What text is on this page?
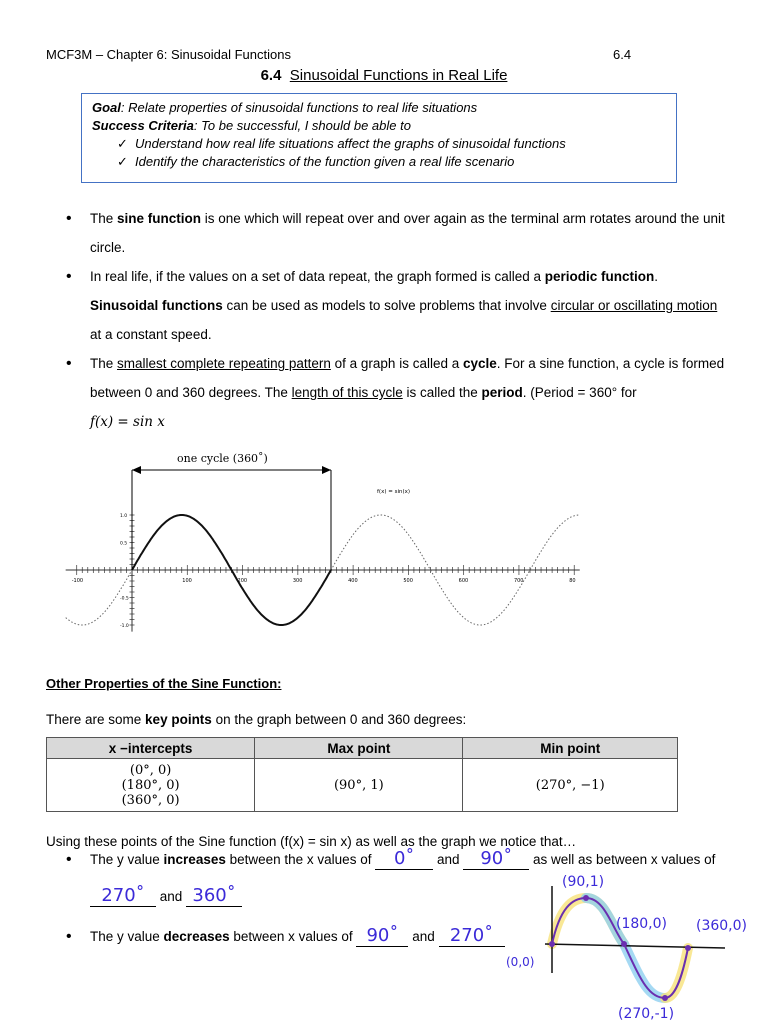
MCF3M – Chapter 6: Sinusoidal Functions	6.4
6.4 Sinusoidal Functions in Real Life
Goal: Relate properties of sinusoidal functions to real life situations
Success Criteria: To be successful, I should be able to
✓ Understand how real life situations affect the graphs of sinusoidal functions
✓ Identify the characteristics of the function given a real life scenario
• The sine function is one which will repeat over and over again as the terminal arm rotates around the unit circle.
• In real life, if the values on a set of data repeat, the graph formed is called a periodic function.
Sinusoidal functions can be used as models to solve problems that involve circular or oscillating motion at a constant speed.
• The smallest complete repeating pattern of a graph is called a cycle. For a sine function, a cycle is formed between 0 and 360 degrees. The length of this cycle is called the period. (Period = 360° for
f(x) = sin x
-100	100	200	300	400	500	600	700	80
1.0
0.5
-0.5
-1.0
one cycle (360˚)
f(x) = sin(x)
Other Properties of the Sine Function:
There are some key points on the graph between 0 and 360 degrees:
x −intercepts	Max point	Min point

(0°, 0)
(180°, 0)
(360°, 0)	(90°, 1)	(270°, −1)
Using these points of the Sine function (f(x) = sin x) as well as the graph we notice that…
• The y value increases between the x values of 0˚ and 90˚ as well as between x values of
270˚ and 360˚
• The y value decreases between x values of 90˚ and 270˚
(90,1)
(180,0) (360,0)
(0,0)
(270,-1)
